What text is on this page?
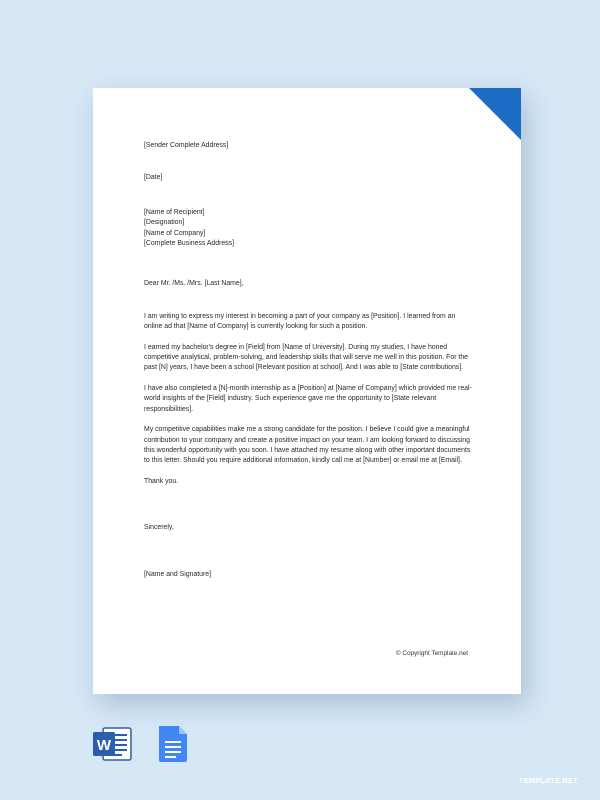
[Sender Complete Address]

[Date]

[Name of Recipient]

[Designation]

[Name of Company]

[Complete Business Address]

Dear Mr. /Ms. /Mrs. [Last Name],

I am writing to express my interest in becoming a part of your company as [Position]. I learned from an online ad that [Name of Company] is currently looking for such a position.

I earned my bachelor's degree in [Field] from [Name of University]. During my studies, I have honed competitive analytical, problem-solving, and leadership skills that will serve me well in this position. For the past [N] years, I have been a school [Relevant position at school]. And I was able to [State contributions].

I have also completed a [N]-month internship as a [Position] at [Name of Company] which provided me real-world insights of the [Field] industry. Such experience gave me the opportunity to [State relevant responsibilities].

My competitive capabilities make me a strong candidate for the position. I believe I could give a meaningful contribution to your company and create a positive impact on your team. I am looking forward to discussing this wonderful opportunity with you soon. I have attached my resume along with other important documents to this letter. Should you require additional information, kindly call me at [Number] or email me at [Email].

Thank you.

Sincerely,

[Name and Signature]

© Copyright Template.net
W
TEMPLATE.NET
